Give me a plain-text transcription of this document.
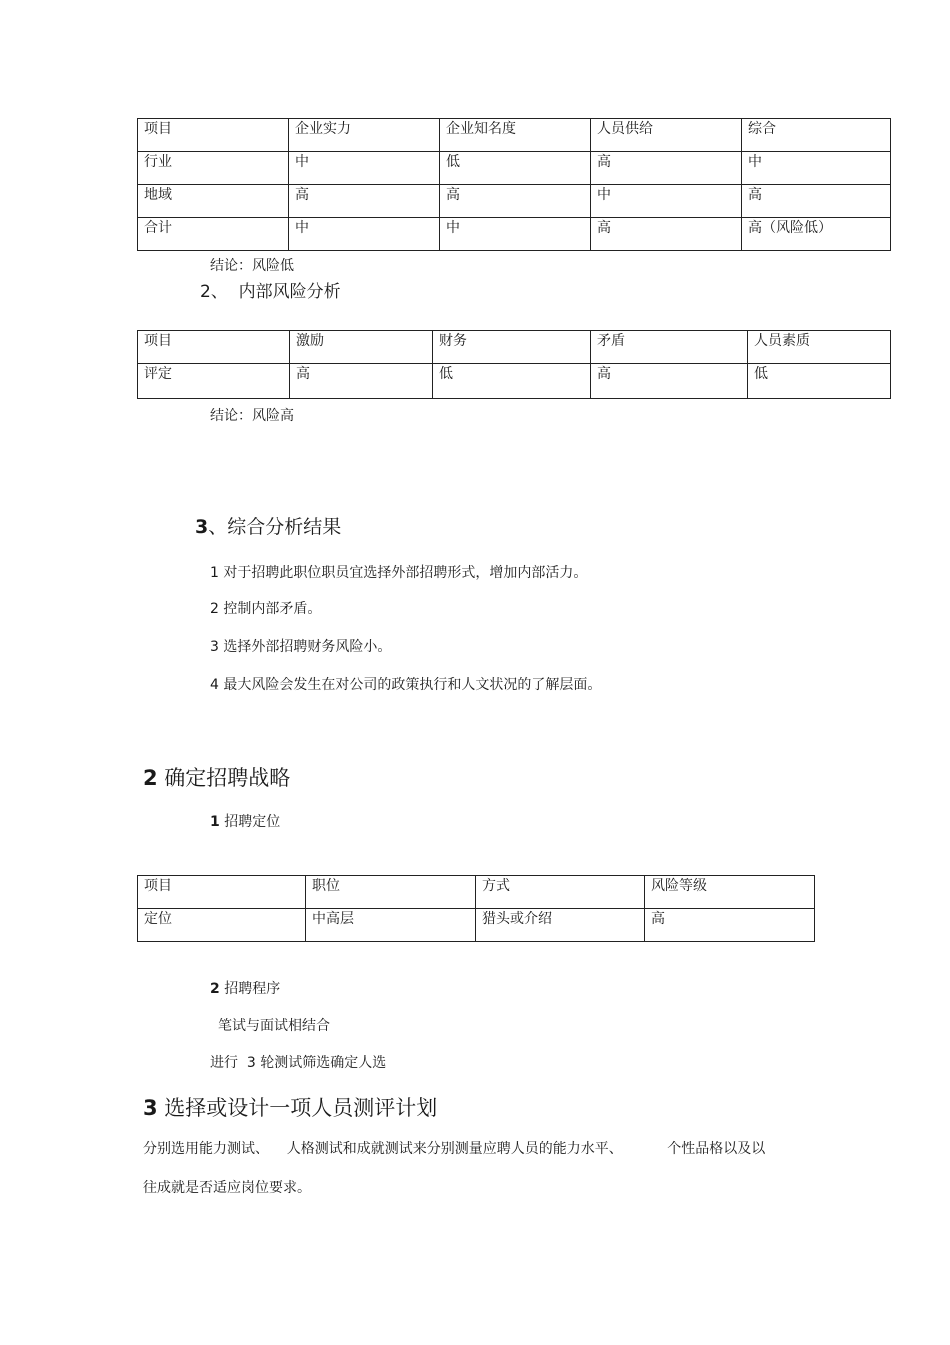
项目	企业实力	企业知名度	人员供给	综合
行业	中	低	高	中
地域	高	高	中	高
合计	中	中	高	高（风险低）
结论：风险低
2、  内部风险分析
项目	激励	财务	矛盾	人员素质
评定	高	低	高	低
结论：风险高
3、综合分析结果
1 对于招聘此职位职员宜选择外部招聘形式，增加内部活力。
2 控制内部矛盾。
3 选择外部招聘财务风险小。
4 最大风险会发生在对公司的政策执行和人文状况的了解层面。
2 确定招聘战略
1 招聘定位
项目	职位	方式	风险等级
定位	中高层	猎头或介绍	高
2 招聘程序
笔试与面试相结合
进行  3 轮测试筛选确定人选
3 选择或设计一项人员测评计划
分别选用能力测试、    人格测试和成就测试来分别测量应聘人员的能力水平、          个性品格以及以
往成就是否适应岗位要求。
